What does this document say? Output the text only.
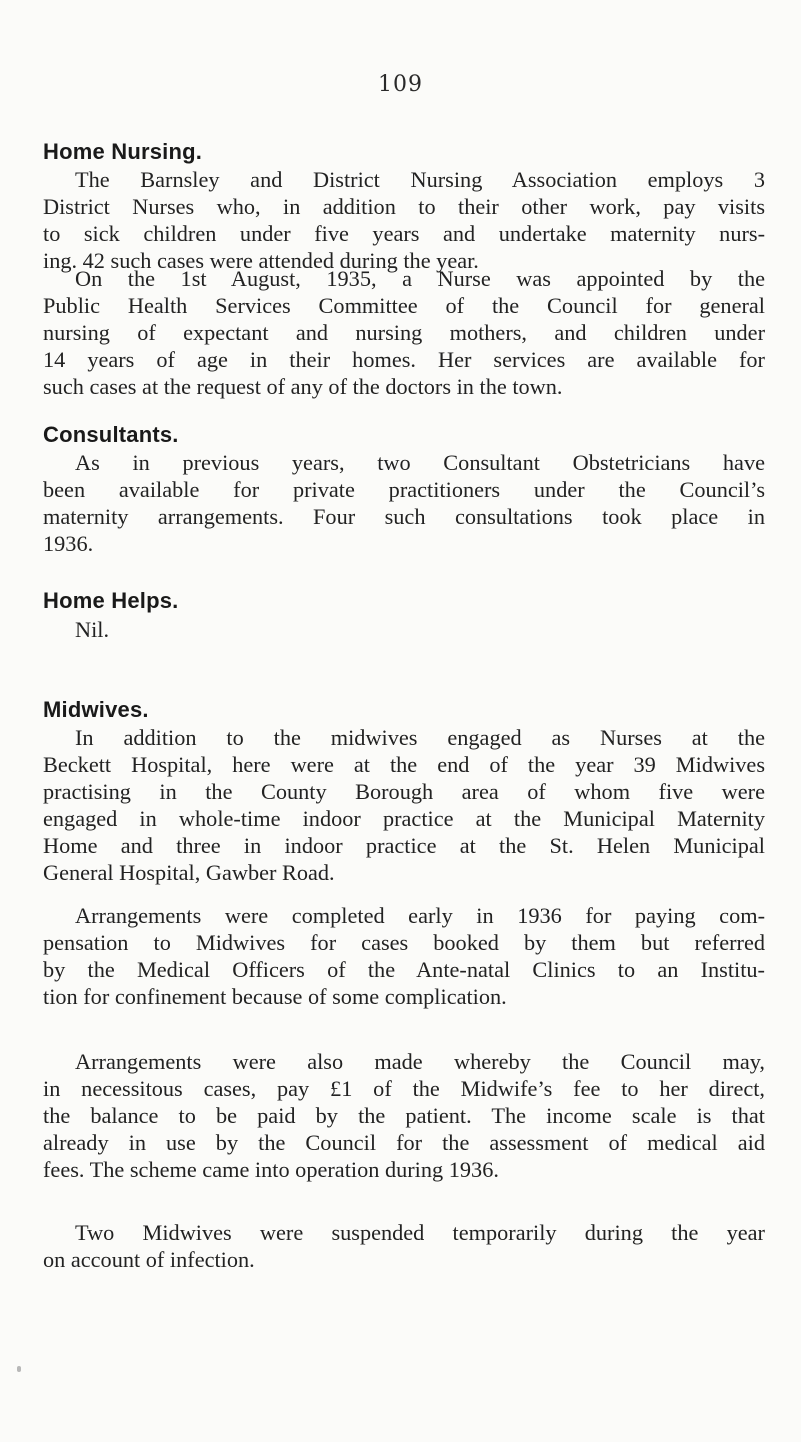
109
Home Nursing.
The Barnsley and District Nursing Association employs 3
District Nurses who, in addition to their other work, pay visits
to sick children under five years and undertake maternity nurs-
ing. 42 such cases were attended during the year.
On the 1st August, 1935, a Nurse was appointed by the
Public Health Services Committee of the Council for general
nursing of expectant and nursing mothers, and children under
14 years of age in their homes. Her services are available for
such cases at the request of any of the doctors in the town.
Consultants.
As in previous years, two Consultant Obstetricians have
been available for private practitioners under the Council’s
maternity arrangements. Four such consultations took place in
1936.
Home Helps.
Nil.
Midwives.
In addition to the midwives engaged as Nurses at the
Beckett Hospital, here were at the end of the year 39 Midwives
practising in the County Borough area of whom five were
engaged in whole-time indoor practice at the Municipal Maternity
Home and three in indoor practice at the St. Helen Municipal
General Hospital, Gawber Road.
Arrangements were completed early in 1936 for paying com-
pensation to Midwives for cases booked by them but referred
by the Medical Officers of the Ante-natal Clinics to an Institu-
tion for confinement because of some complication.
Arrangements were also made whereby the Council may,
in necessitous cases, pay £1 of the Midwife’s fee to her direct,
the balance to be paid by the patient. The income scale is that
already in use by the Council for the assessment of medical aid
fees. The scheme came into operation during 1936.
Two Midwives were suspended temporarily during the year
on account of infection.
